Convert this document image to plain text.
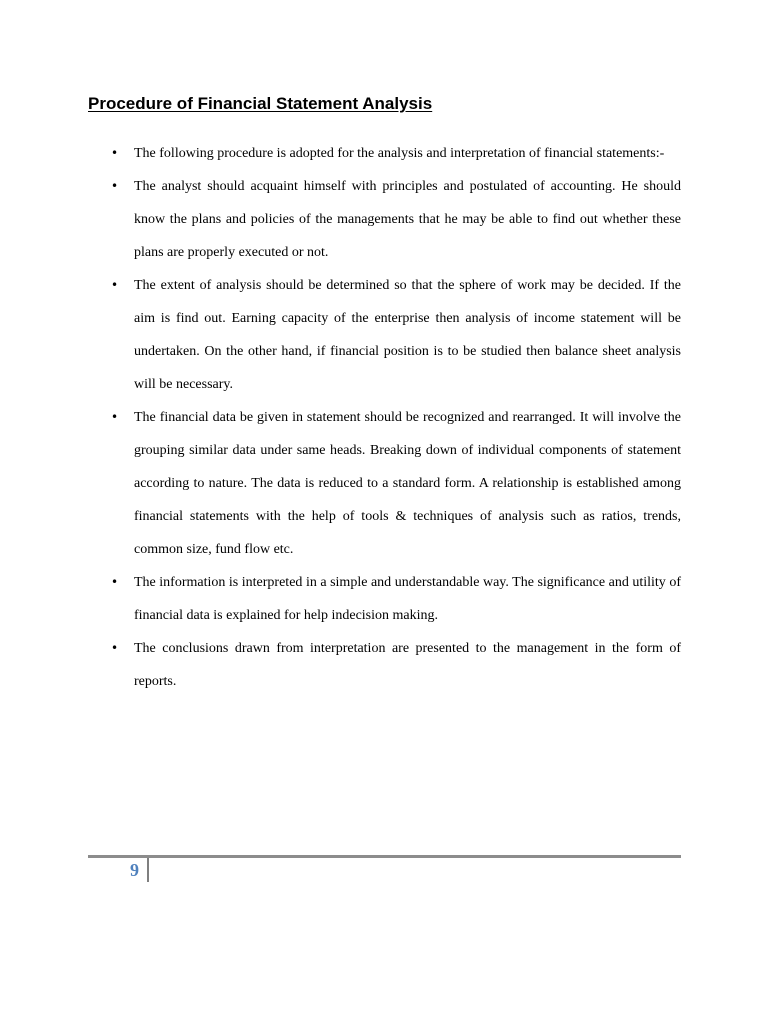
Procedure of Financial Statement Analysis
• The following procedure is adopted for the analysis and interpretation of financial statements:-
• The analyst should acquaint himself with principles and postulated of accounting. He should know the plans and policies of the managements that he may be able to find out whether these plans are properly executed or not.
• The extent of analysis should be determined so that the sphere of work may be decided. If the aim is find out. Earning capacity of the enterprise then analysis of income statement will be undertaken. On the other hand, if financial position is to be studied then balance sheet analysis will be necessary.
• The financial data be given in statement should be recognized and rearranged. It will involve the grouping similar data under same heads. Breaking down of individual components of statement according to nature. The data is reduced to a standard form. A relationship is established among financial statements with the help of tools & techniques of analysis such as ratios, trends, common size, fund flow etc.
• The information is interpreted in a simple and understandable way. The significance and utility of financial data is explained for help indecision making.
• The conclusions drawn from interpretation are presented to the management in the form of reports.
9
